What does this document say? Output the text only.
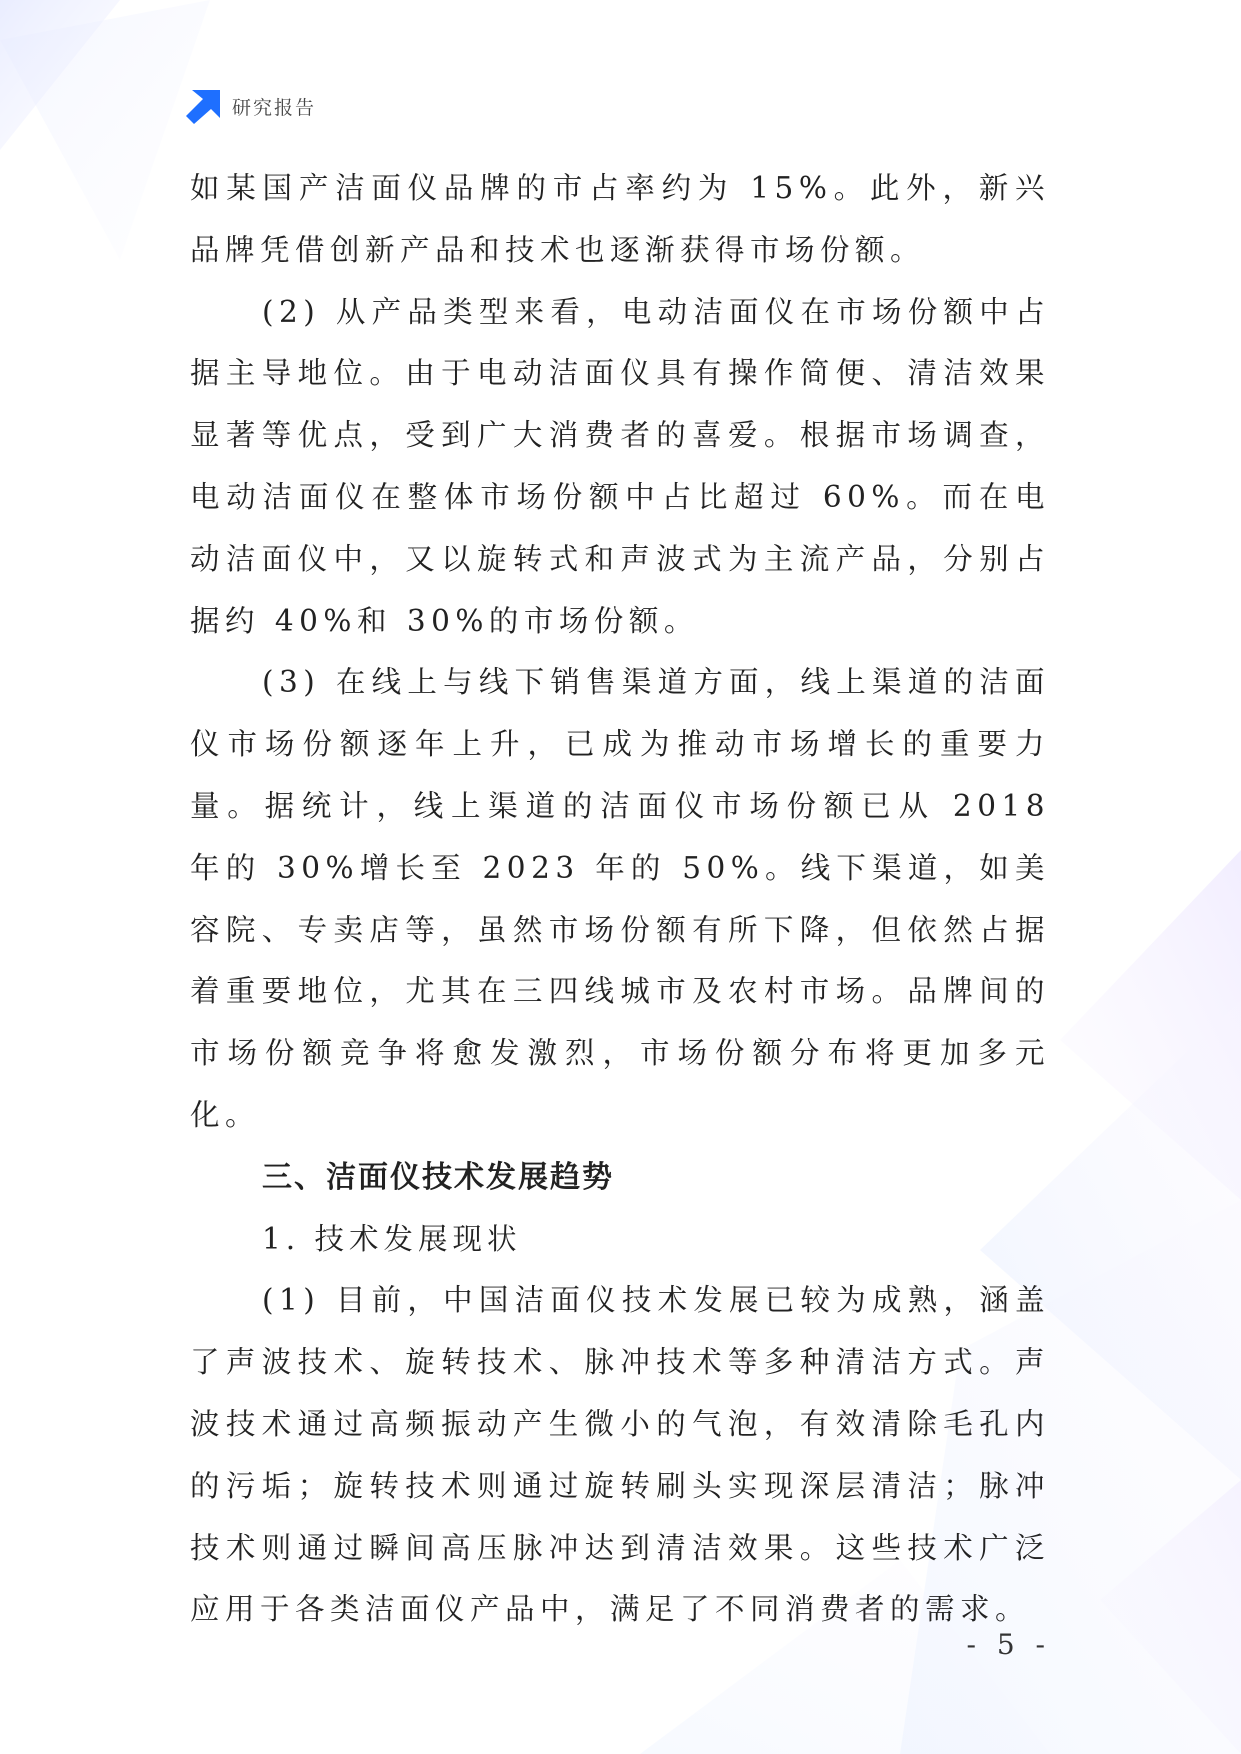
研究报告

如某国产洁面仪品牌的市占率约为 15%。此外，新兴品牌凭借创新产品和技术也逐渐获得市场份额。

(2) 从产品类型来看，电动洁面仪在市场份额中占据主导地位。由于电动洁面仪具有操作简便、清洁效果显著等优点，受到广大消费者的喜爱。根据市场调查，电动洁面仪在整体市场份额中占比超过 60%。而在电动洁面仪中，又以旋转式和声波式为主流产品，分别占据约 40%和 30%的市场份额。

(3) 在线上与线下销售渠道方面，线上渠道的洁面仪市场份额逐年上升，已成为推动市场增长的重要力量。据统计，线上渠道的洁面仪市场份额已从 2018 年的 30%增长至 2023 年的 50%。线下渠道，如美容院、专卖店等，虽然市场份额有所下降，但依然占据着重要地位，尤其在三四线城市及农村市场。品牌间的市场份额竞争将愈发激烈，市场份额分布将更加多元化。

三、洁面仪技术发展趋势

1. 技术发展现状

(1) 目前，中国洁面仪技术发展已较为成熟，涵盖了声波技术、旋转技术、脉冲技术等多种清洁方式。声波技术通过高频振动产生微小的气泡，有效清除毛孔内的污垢；旋转技术则通过旋转刷头实现深层清洁；脉冲技术则通过瞬间高压脉冲达到清洁效果。这些技术广泛应用于各类洁面仪产品中，满足了不同消费者的需求。

- 5 -
